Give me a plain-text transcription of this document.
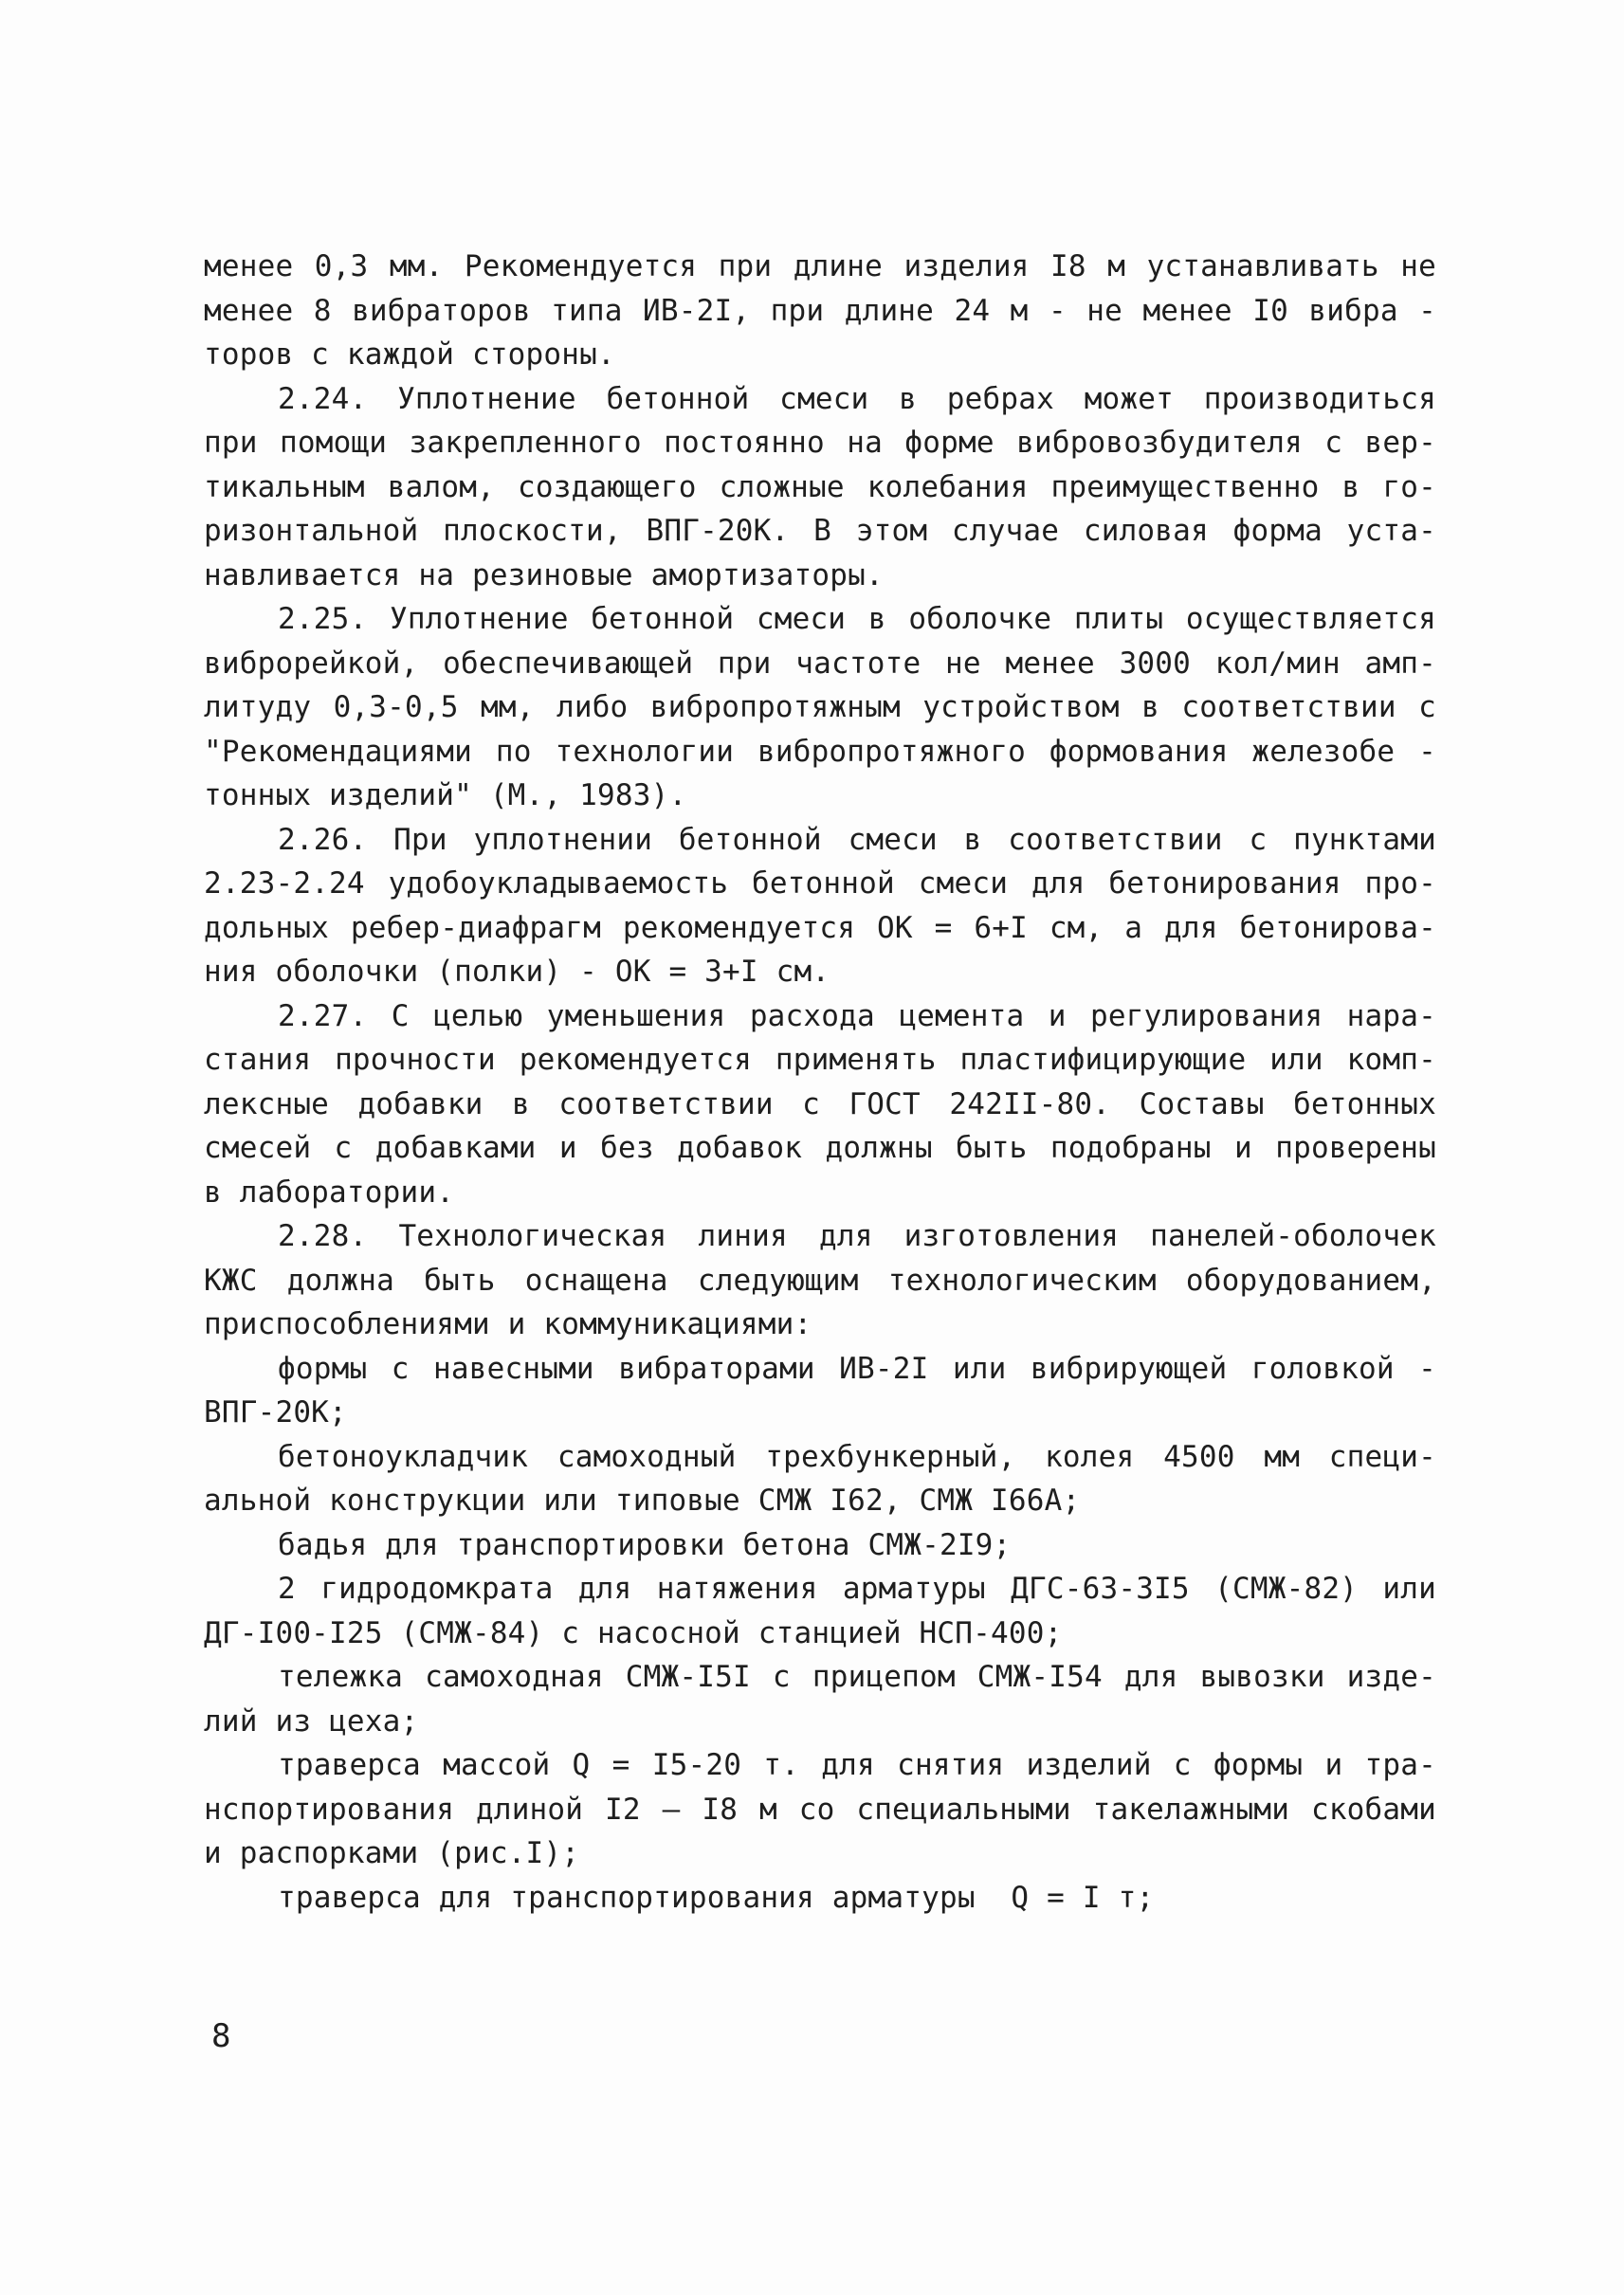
менее 0,3 мм. Рекомендуется при длине изделия I8 м устанавливать не
менее 8 вибраторов типа ИВ-2I, при длине 24 м - не менее I0 вибра -
торов с каждой стороны.
2.24. Уплотнение бетонной смеси в ребрах может производиться
при помощи закрепленного постоянно на форме вибровозбудителя с вер-
тикальным валом, создающего сложные колебания преимущественно в го-
ризонтальной плоскости, ВПГ-20К. В этом случае силовая форма уста-
навливается на резиновые амортизаторы.
2.25. Уплотнение бетонной смеси в оболочке плиты осуществляется
виброрейкой, обеспечивающей при частоте не менее 3000 кол/мин амп-
литуду 0,3-0,5 мм, либо вибропротяжным устройством в соответствии с
"Рекомендациями по технологии вибропротяжного формования железобе -
тонных изделий" (М., 1983).
2.26. При уплотнении бетонной смеси в соответствии с пунктами
2.23-2.24 удобоукладываемость бетонной смеси для бетонирования про-
дольных ребер-диафрагм рекомендуется ОК = 6+I см, а для бетонирова-
ния оболочки (полки) - ОК = 3+I см.
2.27. С целью уменьшения расхода цемента и регулирования нара-
стания прочности рекомендуется применять пластифицирующие или комп-
лексные добавки в соответствии с ГОСТ 242II-80. Составы бетонных
смесей с добавками и без добавок должны быть подобраны и проверены
в лаборатории.
2.28. Технологическая линия для изготовления панелей-оболочек
КЖС должна быть оснащена следующим технологическим оборудованием,
приспособлениями и коммуникациями:
формы с навесными вибраторами ИВ-2I или вибрирующей головкой -
ВПГ-20К;
бетоноукладчик самоходный трехбункерный, колея 4500 мм специ-
альной конструкции или типовые СМЖ I62, СМЖ I66А;
бадья для транспортировки бетона СМЖ-2I9;
2 гидродомкрата для натяжения арматуры ДГС-63-3I5 (СМЖ-82) или
ДГ-I00-I25 (СМЖ-84) с насосной станцией НСП-400;
тележка самоходная СМЖ-I5I с прицепом СМЖ-I54 для вывозки изде-
лий из цеха;
траверса массой Q = I5-20 т. для снятия изделий с формы и тра-
нспортирования длиной I2 — I8 м со специальными такелажными скобами
и распорками (рис.I);
траверса для транспортирования арматуры  Q = I т;
8
